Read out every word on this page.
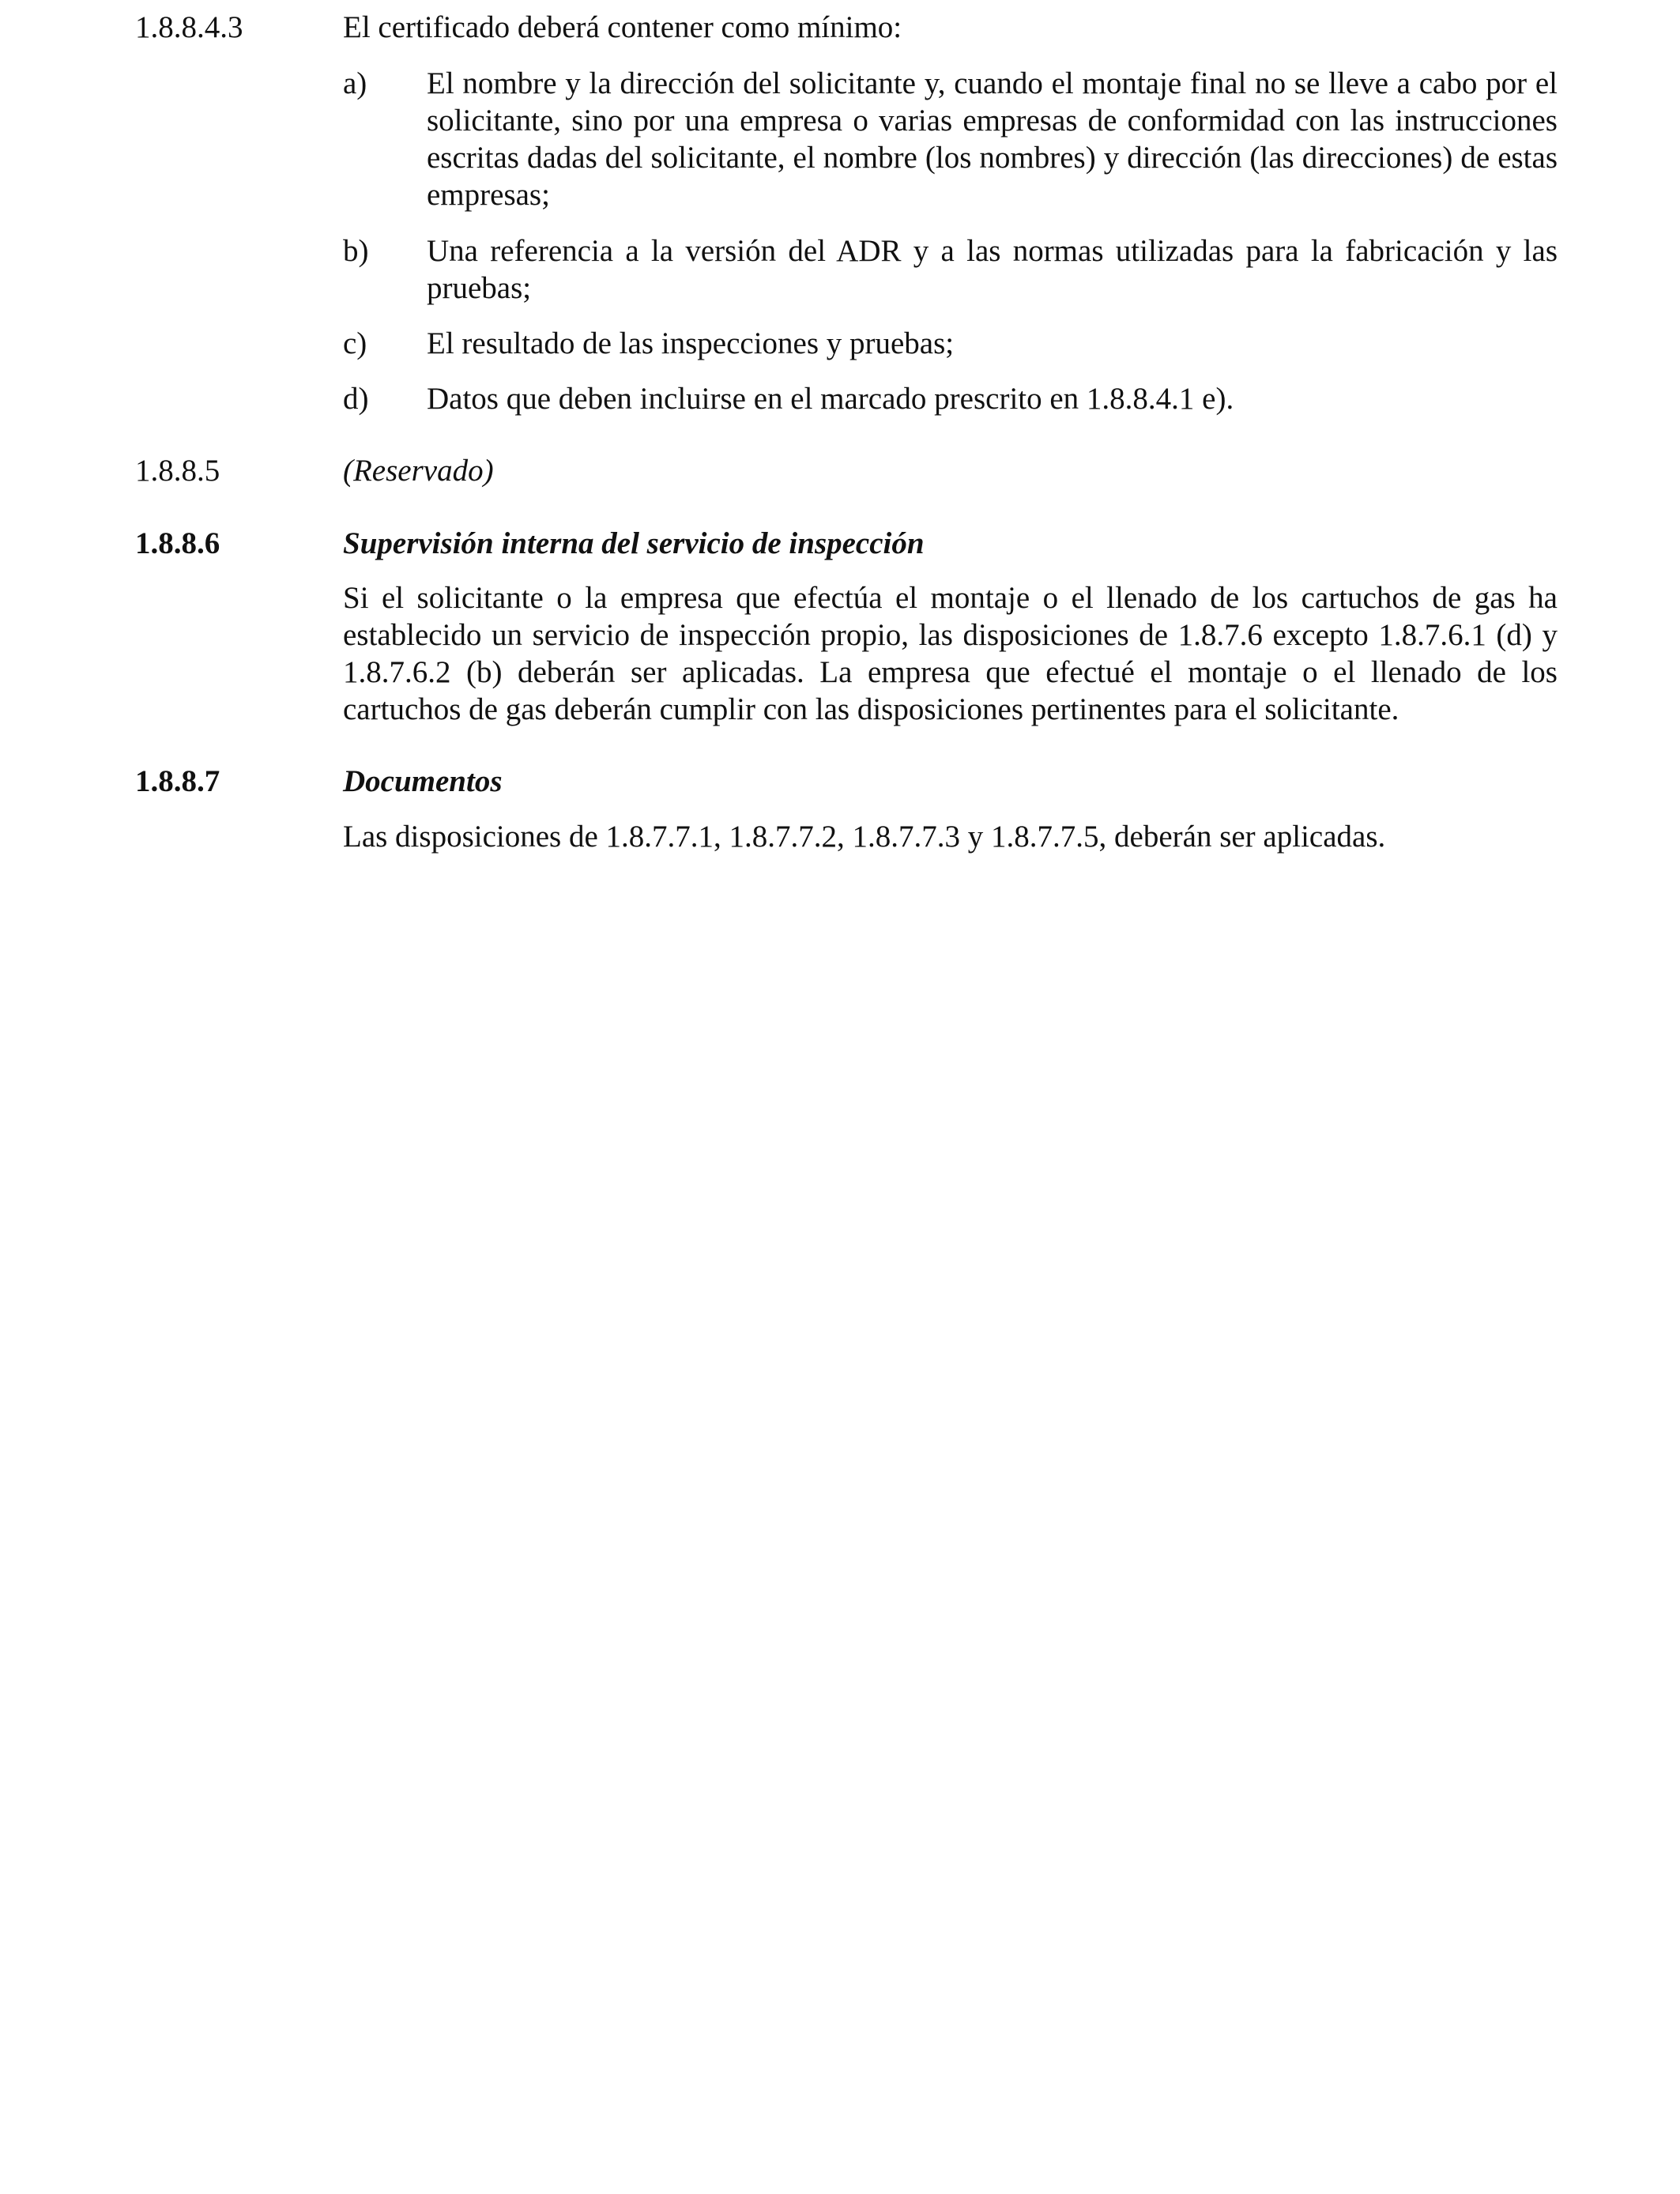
1.8.8.4.3	El certificado deberá contener como mínimo:
a) El nombre y la dirección del solicitante y, cuando el montaje final no se lleve a cabo por el solicitante, sino por una empresa o varias empresas de conformidad con las instrucciones escritas dadas del solicitante, el nombre (los nombres) y dirección (las direcciones) de estas empresas;
b) Una referencia a la versión del ADR y a las normas utilizadas para la fabricación y las pruebas;
c) El resultado de las inspecciones y pruebas;
d) Datos que deben incluirse en el marcado prescrito en 1.8.8.4.1 e).
1.8.8.5	(Reservado)
1.8.8.6	Supervisión interna del servicio de inspección
Si el solicitante o la empresa que efectúa el montaje o el llenado de los cartuchos de gas ha establecido un servicio de inspección propio, las disposiciones de 1.8.7.6 excepto 1.8.7.6.1 (d) y 1.8.7.6.2 (b) deberán ser aplicadas. La empresa que efectué el montaje o el llenado de los cartuchos de gas deberán cumplir con las disposiciones pertinentes para el solicitante.
1.8.8.7	Documentos
Las disposiciones de 1.8.7.7.1, 1.8.7.7.2, 1.8.7.7.3 y 1.8.7.7.5, deberán ser aplicadas.
